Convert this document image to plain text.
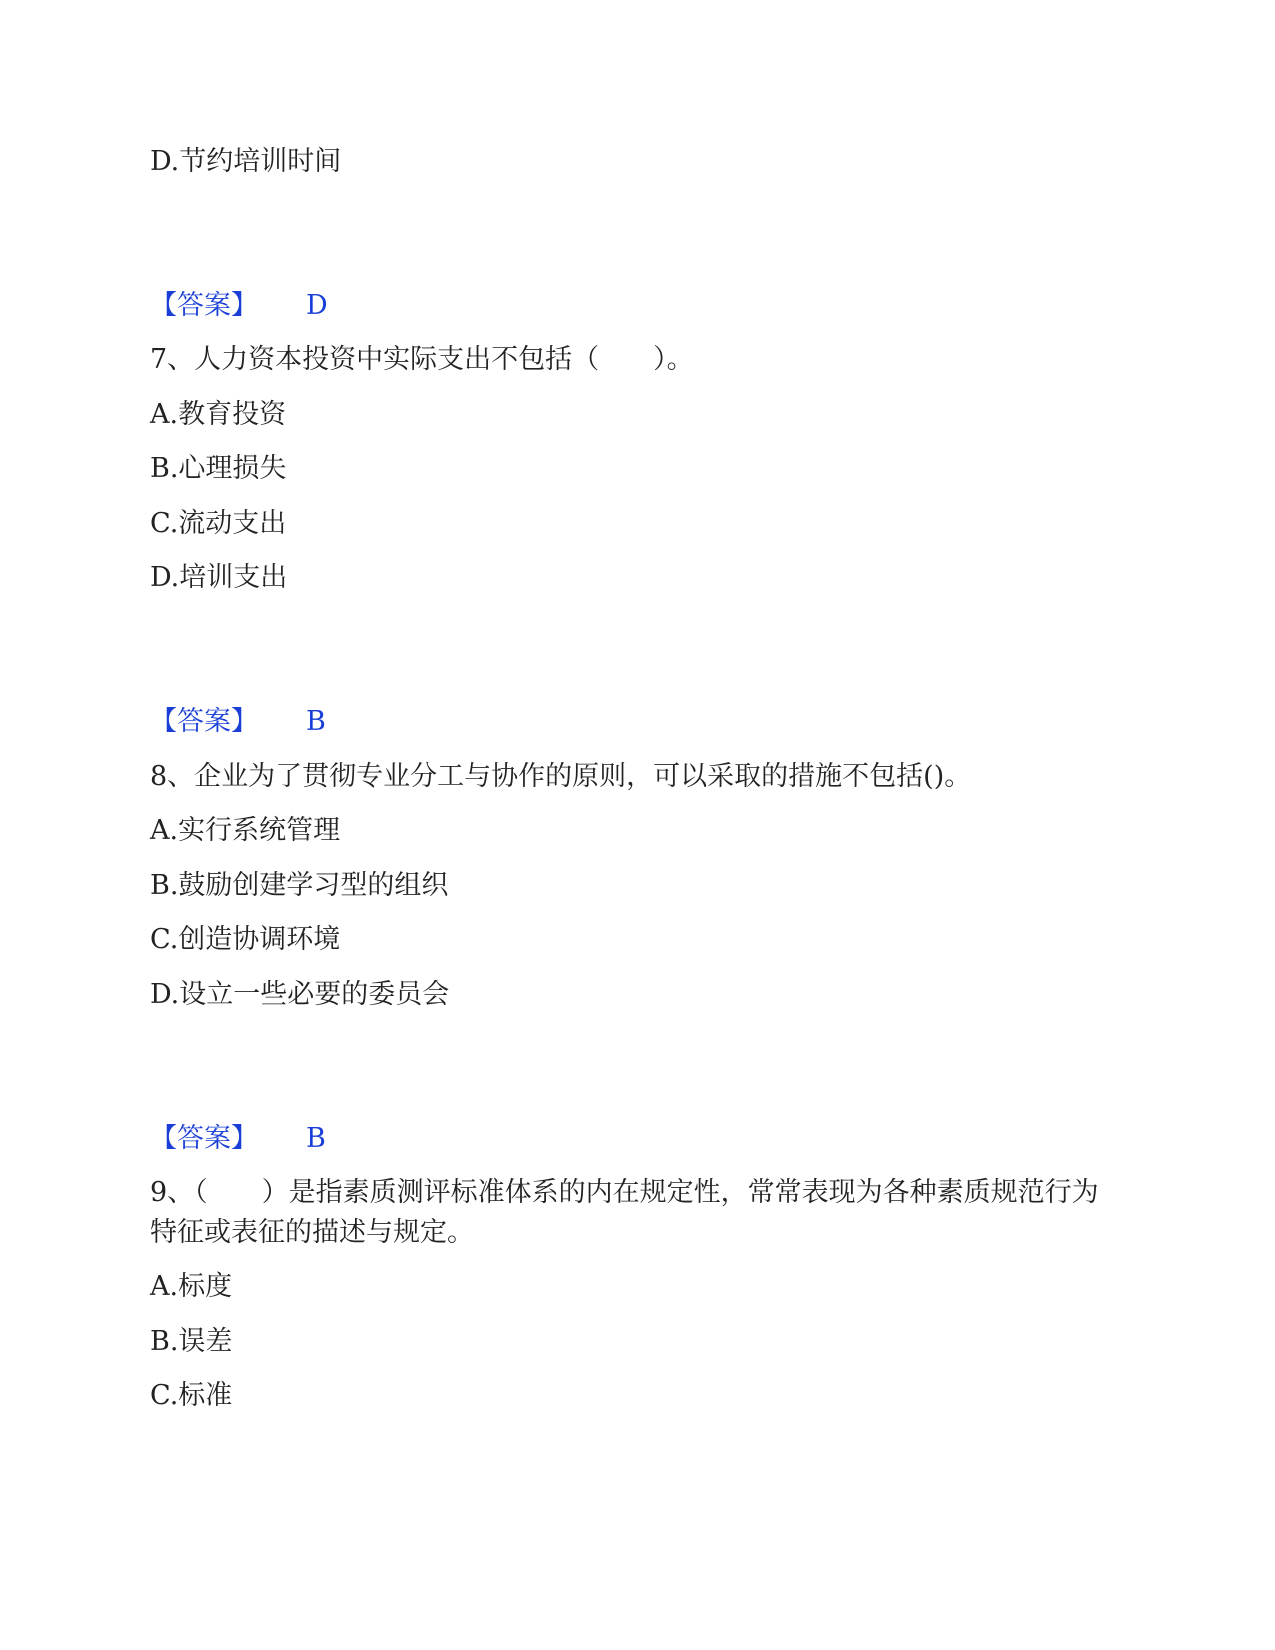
D.节约培训时间
【答案】 D
7、人力资本投资中实际支出不包括（　　）。
A.教育投资
B.心理损失
C.流动支出
D.培训支出
【答案】 B
8、企业为了贯彻专业分工与协作的原则，可以采取的措施不包括()。
A.实行系统管理
B.鼓励创建学习型的组织
C.创造协调环境
D.设立一些必要的委员会
【答案】 B
9、（　　）是指素质测评标准体系的内在规定性，常常表现为各种素质规范行为特征或表征的描述与规定。
A.标度
B.误差
C.标准
